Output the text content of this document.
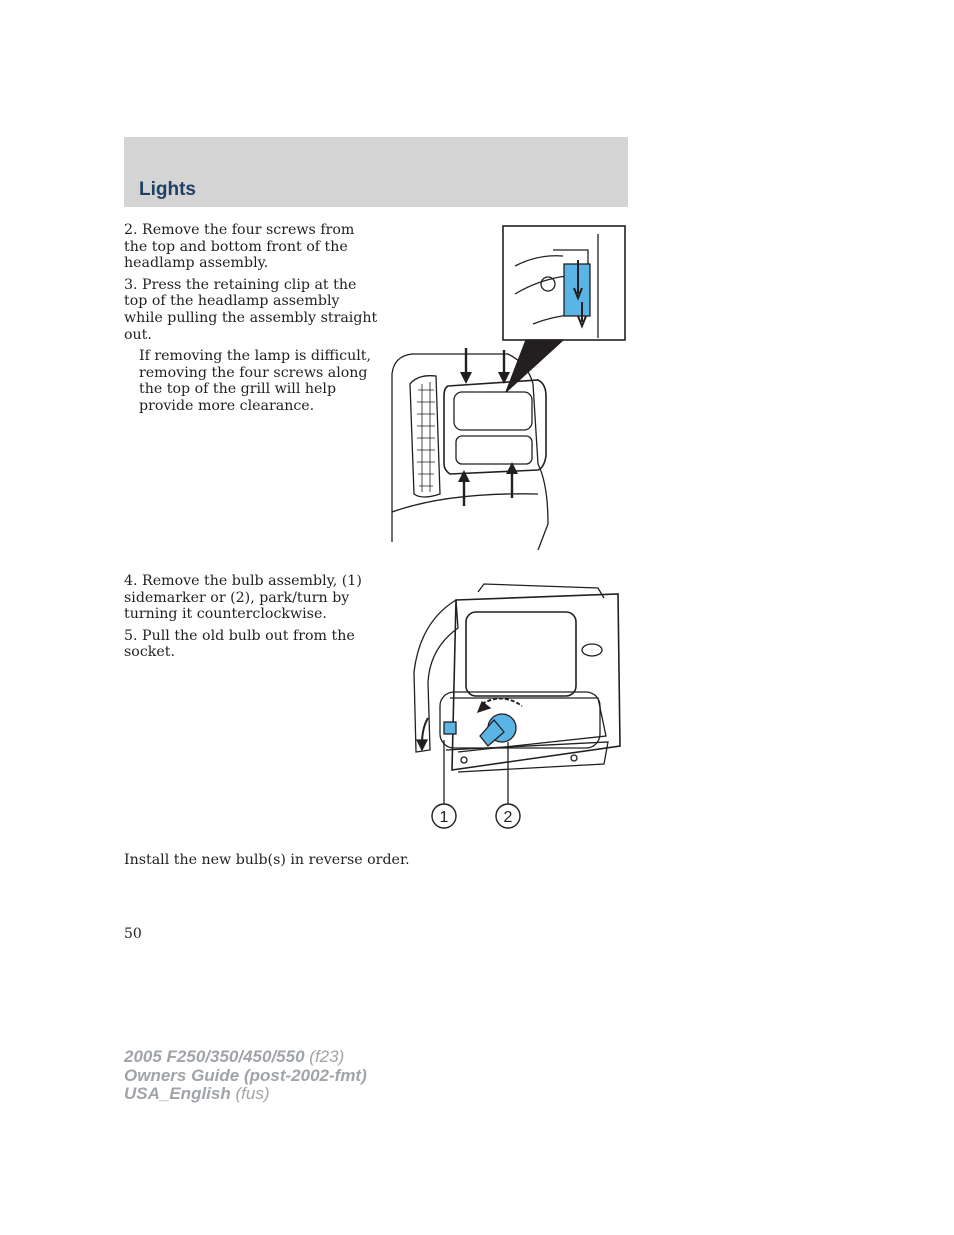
Lights

2. Remove the four screws from the top and bottom front of the headlamp assembly.

3. Press the retaining clip at the top of the headlamp assembly while pulling the assembly straight out.

If removing the lamp is difficult, removing the four screws along the top of the grill will help provide more clearance.

4. Remove the bulb assembly, (1) sidemarker or (2), park/turn by turning it counterclockwise.

5. Pull the old bulb out from the socket.

1	2
Install the new bulb(s) in reverse order.
50
2005 F250/350/450/550 (f23)
Owners Guide (post-2002-fmt)
USA_English (fus)
